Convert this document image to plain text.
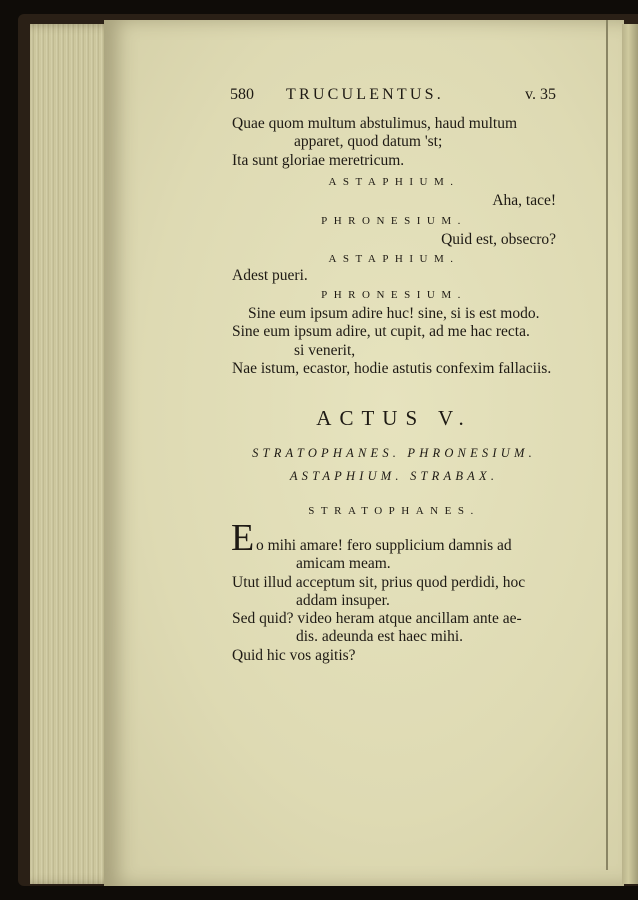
580 TRUCULENTUS.	v. 35
Quae quom multum abstulimus, haud multum
apparet, quod datum 'st;
Ita sunt gloriae meretricum.
ASTAPHIUM.
Aha, tace!
PHRONESIUM.
Quid est, obsecro?
ASTAPHIUM.
Adest pueri.
PHRONESIUM.
Sine eum ipsum adire huc! sine, si is est modo.
Sine eum ipsum adire, ut cupit, ad me hac recta.
si venerit,
Nae istum, ecastor, hodie astutis confexim fallaciis.
ACTUS V.
STRATOPHANES. PHRONESIUM.
ASTAPHIUM. STRABAX.
STRATOPHANES.
E o mihi amare! fero supplicium damnis ad
amicam meam.
Utut illud acceptum sit, prius quod perdidi, hoc
addam insuper.
Sed quid? video heram atque ancillam ante ae-
dis. adeunda est haec mihi.
Quid hic vos agitis?
